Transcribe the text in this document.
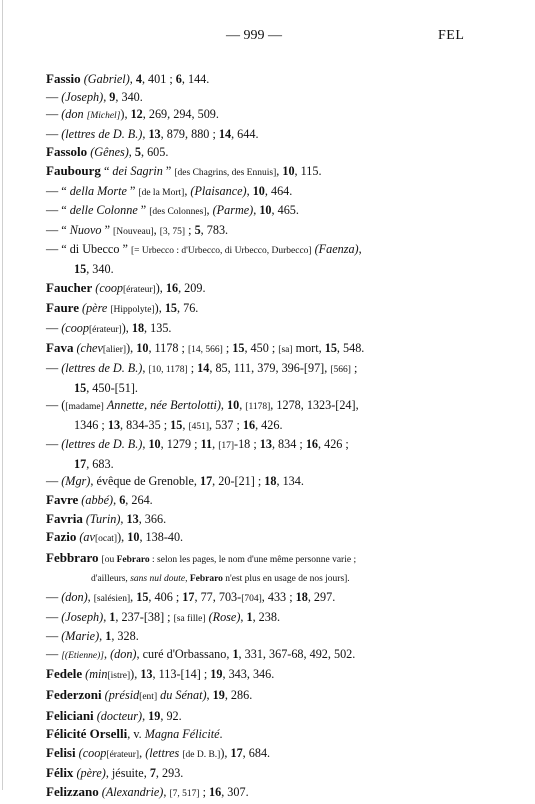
— 999 —	FEL
Fassio (Gabriel), 4, 401 ; 6, 144.
— (Joseph), 9, 340.
— (don [Michel]), 12, 269, 294, 509.
— (lettres de D. B.), 13, 879, 880 ; 14, 644.
Fassolo (Gênes), 5, 605.
Faubourg “ dei Sagrin ” [des Chagrins, des Ennuis], 10, 115.
— “ della Morte ” [de la Mort], (Plaisance), 10, 464.
— “ delle Colonne ” [des Colonnes], (Parme), 10, 465.
— “ Nuovo ” [Nouveau], [3, 75] ; 5, 783.
— “ di Ubecco ” [= Urbecco : d'Urbecco, di Urbecco, Durbecco] (Faenza),
15, 340.
Faucher (coop[érateur]), 16, 209.
Faure (père [Hippolyte]), 15, 76.
— (coop[érateur]), 18, 135.
Fava (chev[alier]), 10, 1178 ; [14, 566] ; 15, 450 ; [sa] mort, 15, 548.
— (lettres de D. B.), [10, 1178] ; 14, 85, 111, 379, 396-[97], [566] ;
15, 450-[51].
— ([madame] Annette, née Bertolotti), 10, [1178], 1278, 1323-[24],
1346 ; 13, 834-35 ; 15, [451], 537 ; 16, 426.
— (lettres de D. B.), 10, 1279 ; 11, [17]-18 ; 13, 834 ; 16, 426 ;
17, 683.
— (Mgr), évêque de Grenoble, 17, 20-[21] ; 18, 134.
Favre (abbé), 6, 264.
Favria (Turin), 13, 366.
Fazio (av[ocat]), 10, 138-40.
Febbraro [ou Febraro : selon les pages, le nom d'une même personne varie ;
d'ailleurs, sans nul doute, Febraro n'est plus en usage de nos jours].
— (don), [salésien], 15, 406 ; 17, 77, 703-[704], 433 ; 18, 297.
— (Joseph), 1, 237-[38] ; [sa fille] (Rose), 1, 238.
— (Marie), 1, 328.
— [(Etienne)], (don), curé d'Orbassano, 1, 331, 367-68, 492, 502.
Fedele (min[istre]), 13, 113-[14] ; 19, 343, 346.
Federzoni (présid[ent] du Sénat), 19, 286.
Feliciani (docteur), 19, 92.
Félicité Orselli, v. Magna Félicité.
Felisi (coop[érateur], (lettres [de D. B.]), 17, 684.
Félix (père), jésuite, 7, 293.
Felizzano (Alexandrie), [7, 517] ; 16, 307.
